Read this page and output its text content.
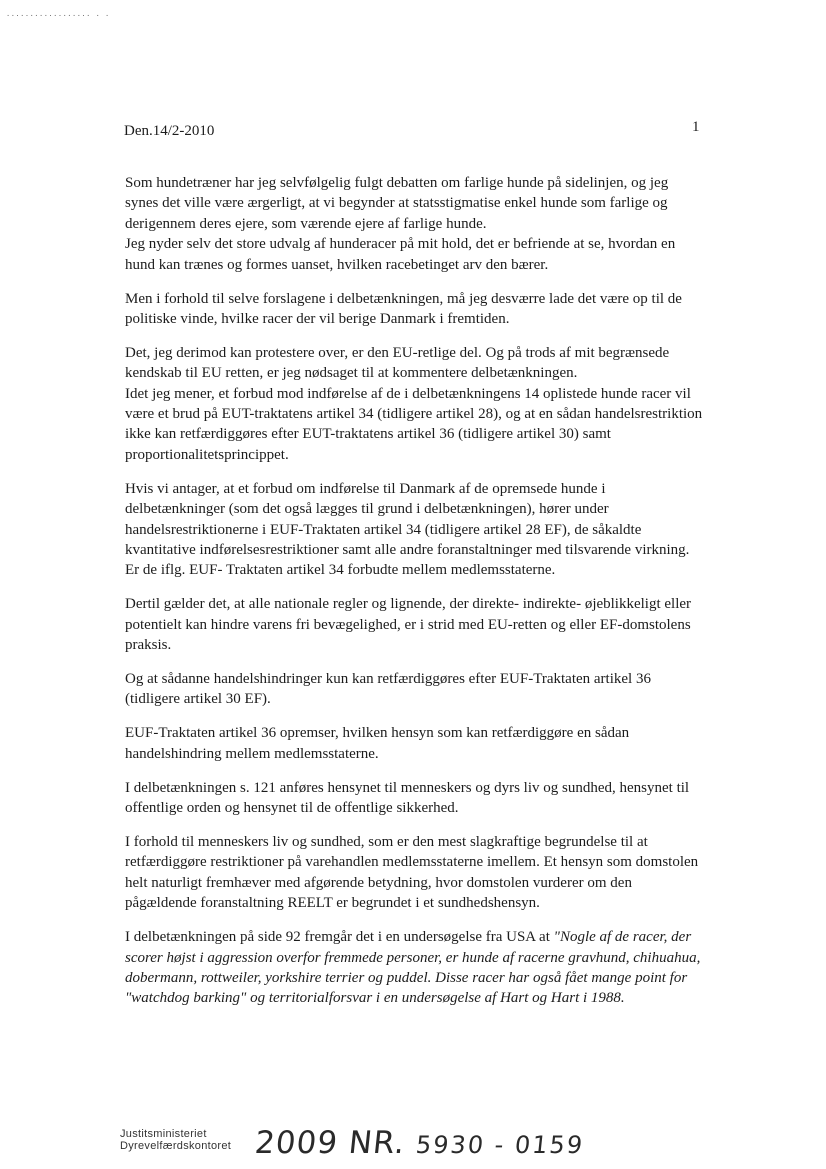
.................. . .
Den.14/2-2010	1

Som hundetræner har jeg selvfølgelig fulgt debatten om farlige hunde på sidelinjen, og jeg synes det ville være ærgerligt, at vi begynder at statsstigmatise enkel hunde som farlige og derigennem deres ejere, som værende ejere af farlige hunde.

Jeg nyder selv det store udvalg af hunderacer på mit hold, det er befriende at se, hvordan en hund kan trænes og formes uanset, hvilken racebetinget arv den bærer.

Men i forhold til selve forslagene i delbetænkningen, må jeg desværre lade det være op til de politiske vinde, hvilke racer der vil berige Danmark i fremtiden.

Det, jeg derimod kan protestere over, er den EU-retlige del. Og på trods af mit begrænsede kendskab til EU retten, er jeg nødsaget til at kommentere delbetænkningen.

Idet jeg mener, et forbud mod indførelse af de i delbetænkningens 14 oplistede hunde racer vil være et brud på EUT-traktatens artikel 34 (tidligere artikel 28), og at en sådan handelsrestriktion ikke kan retfærdiggøres efter EUT-traktatens artikel 36 (tidligere artikel 30) samt proportionalitetsprincippet.

Hvis vi antager, at et forbud om indførelse til Danmark af de opremsede hunde i delbetænkninger (som det også lægges til grund i delbetænkningen), hører under handelsrestriktionerne i EUF-Traktaten artikel 34 (tidligere artikel 28 EF), de såkaldte kvantitative indførelsesrestriktioner samt alle andre foranstaltninger med tilsvarende virkning. Er de iflg. EUF- Traktaten artikel 34 forbudte mellem medlemsstaterne.

Dertil gælder det, at alle nationale regler og lignende, der direkte- indirekte- øjeblikkeligt eller potentielt kan hindre varens fri bevægelighed, er i strid med EU-retten og eller EF-domstolens praksis.

Og at sådanne handelshindringer kun kan retfærdiggøres efter EUF-Traktaten artikel 36 (tidligere artikel 30 EF).

EUF-Traktaten artikel 36 opremser, hvilken hensyn som kan retfærdiggøre en sådan handelshindring mellem medlemsstaterne.

I delbetænkningen s. 121 anføres hensynet til menneskers og dyrs liv og sundhed, hensynet til offentlige orden og hensynet til de offentlige sikkerhed.

I forhold til menneskers liv og sundhed, som er den mest slagkraftige begrundelse til at retfærdiggøre restriktioner på varehandlen medlemsstaterne imellem. Et hensyn som domstolen helt naturligt fremhæver med afgørende betydning, hvor domstolen vurderer om den pågældende foranstaltning REELT er begrundet i et sundhedshensyn.

I delbetænkningen på side 92 fremgår det i en undersøgelse fra USA at "Nogle af de racer, der scorer højst i aggression overfor fremmede personer, er hunde af racerne gravhund, chihuahua, dobermann, rottweiler, yorkshire terrier og puddel. Disse racer har også fået mange point for "watchdog barking" og territorialforsvar i en undersøgelse af Hart og Hart i 1988.

Justitsministeriet
Dyrevelfærdskontoret 2009 NR. 5930 - 0159
